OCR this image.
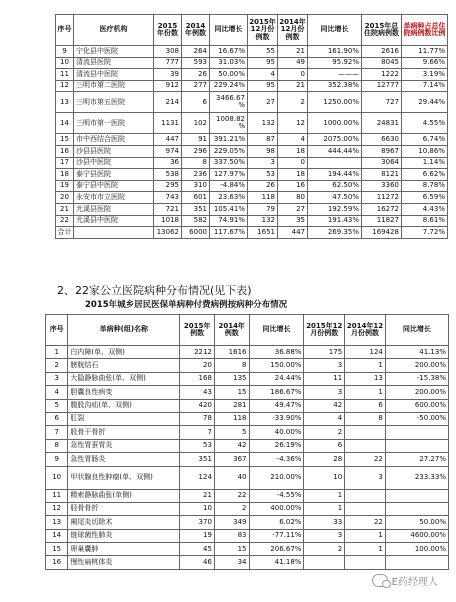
序号	医疗机构	2015年份数	2014年例数	同比增长	2015年12月份例数	2014年12月份例数	同比增长	2015年总住院病例数	单病种占总住院病例数比例
9	宁化县中医院	308	264	16.67%	55	21	161.90%	2616	11.77%
10	清流县医院	777	593	31.03%	95	49	95.92%	8045	9.66%
11	清流县中医院	39	26	50.00%	4	0	———	1222	3.19%
12	三明市第二医院	912	277	229.24%	95	21	352.38%	12777	7.14%
13	三明市第五医院	214	6	3466.67 %	27	2	1250.00%	727	29.44%
14	三明市第一医院	1131	102	1008.82 %	132	12	1000.00%	24831	4.55%
15	市中西结合医院	447	91	391.21%	87	4	2075.00%	6630	6.74%
16	沙县县医院	974	296	229.05%	98	18	444.44%	8967	10.86%
17	沙县中医院	36	8	337.50%	3	0		3064	1.14%
18	泰宁县医院	538	236	127.97%	53	18	194.44%	8121	6.62%
19	泰宁县中医院	295	310	-4.84%	26	16	62.50%	3360	8.78%
20	永安市市立医院	743	601	23.63%	118	80	47.50%	11272	6.59%
21	尤溪县医院	721	351	105.41%	79	27	192.59%	16272	4.43%
22	尤溪县中医院	1018	582	74.91%	132	35	191.43%	11827	8.61%
合计		13062	6000	117.67%	1651	447	269.35%	169428	7.72%

2、22家公立医院病种分布情况(见下表)

2015年城乡居民医保单病种付费病例按病种分布情况

序号	单病种(组)名称	2015年例数	2014年例数	同比增长	2015年12月份例数	2014年12月份例数	同比增长
1	白内障(单、双侧)	2212	1616	36.88%	175	124	41.13%
2	膀胱结石	20	8	150.00%	3	1	200.00%
3	大隐静脉曲张(单、双侧)	168	135	24.44%	11	13	-15.38%
4	胆囊良性病变	43	15	186.67%	3	1	200.00%
5	腹股沟疝(单、双侧)	420	281	49.47%	42	6	600.00%
6	肛裂	78	118	-33.90%	4	8	-50.00%
7	股骨干骨折	7	5	40.00%	2		
8	急性胃蚕胃炎	53	42	26.19%	6		
9	急性胃肠炎	351	367	-4.36%	28	22	27.27%
10	甲状腺良性肿瘤(单、双侧)	124	40	210.00%	10	3	233.33%
11	精索静脉曲张(单侧)	21	22	-4.55%	1		
12	胫骨骨折	10	2	400.00%	1		
13	阑尾炎切除术	370	349	6.02%	33	22	50.00%
14	链球菌性肺炎	19	83	-77.11%	3	1	4600.00%
15	卵巢囊肿	45	15	206.67%	2	1	100.00%
16	慢性扁桃体炎	46	34	41.18%			
E药经理人
